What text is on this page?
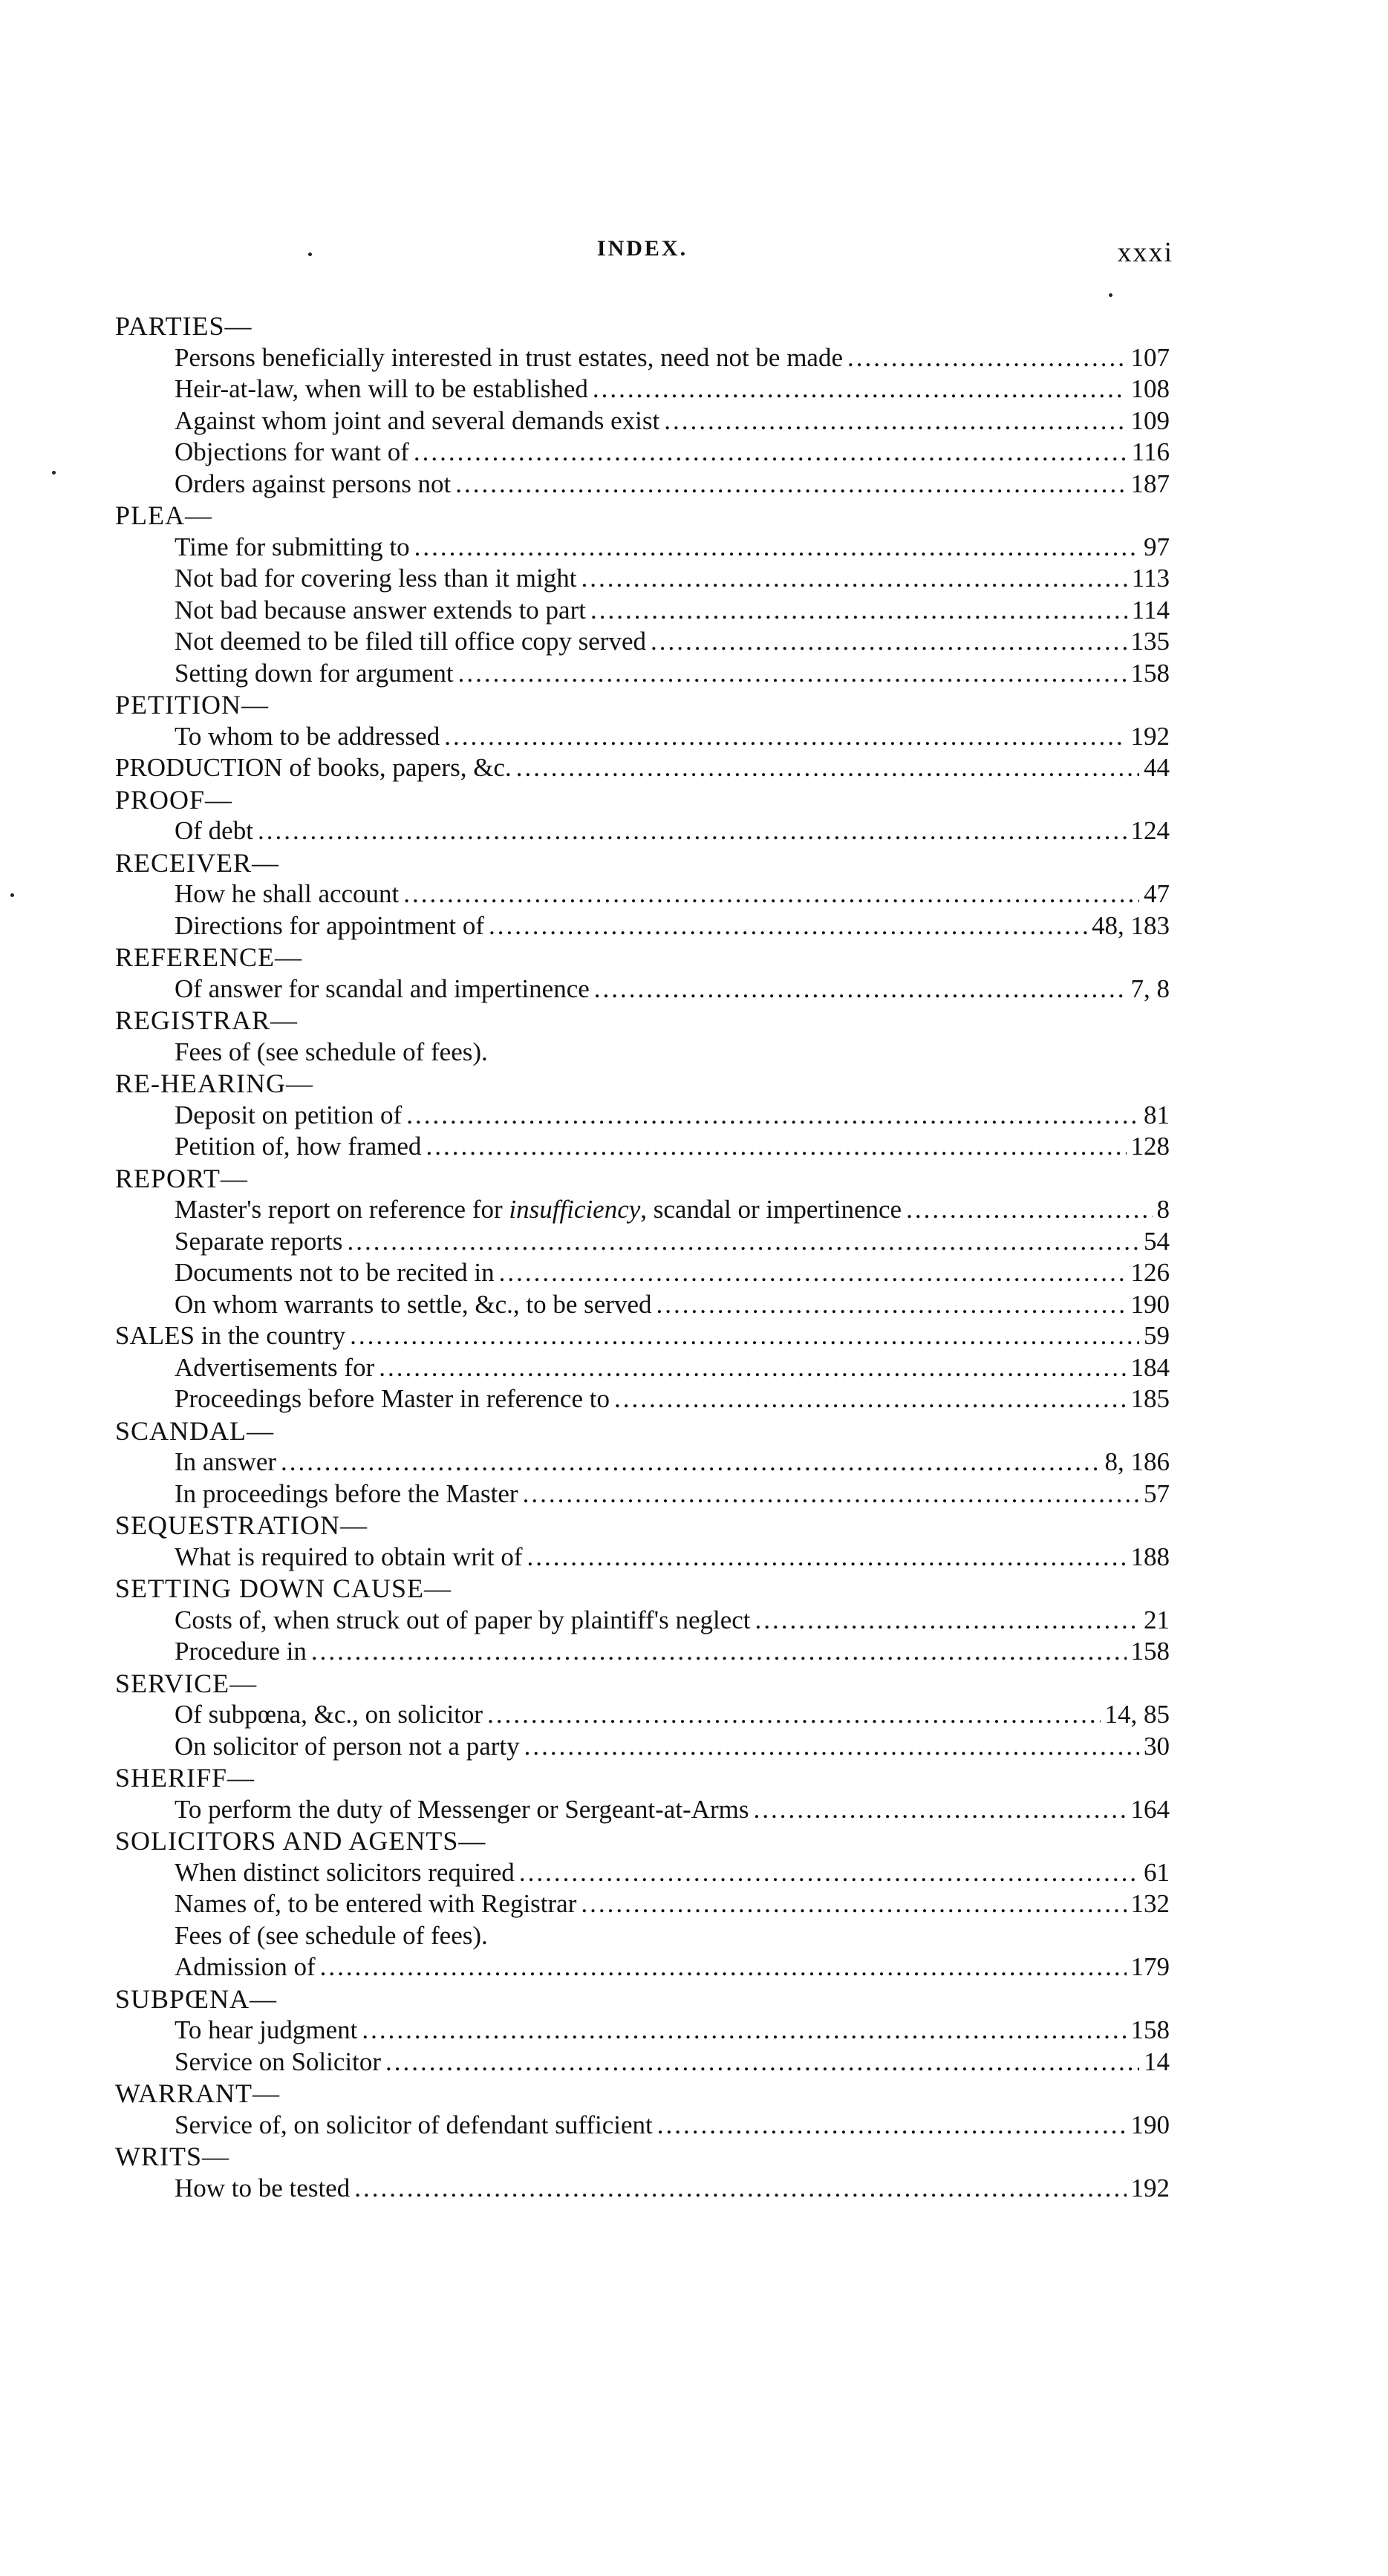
INDEX.	xxxi
PARTIES—
Persons beneficially interested in trust estates, need not be made .....	107
Heir-at-law, when will to be established .....	108
Against whom joint and several demands exist .....	109
Objections for want of .....	116
Orders against persons not .....	187
PLEA—
Time for submitting to .....	97
Not bad for covering less than it might .....	113
Not bad because answer extends to part .....	114
Not deemed to be filed till office copy served .....	135
Setting down for argument .....	158
PETITION—
To whom to be addressed .....	192
PRODUCTION of books, papers, &c. .....	44
PROOF—
Of debt .....	124
RECEIVER—
How he shall account .....	47
Directions for appointment of .....	48, 183
REFERENCE—
Of answer for scandal and impertinence .....	7, 8
REGISTRAR—
Fees of (see schedule of fees).
RE-HEARING—
Deposit on petition of .....	81
Petition of, how framed .....	128
REPORT—
Master's report on reference for insufficiency, scandal or impertinence .....	8
Separate reports .....	54
Documents not to be recited in .....	126
On whom warrants to settle, &c., to be served .....	190
SALES in the country .....	59
Advertisements for .....	184
Proceedings before Master in reference to .....	185
SCANDAL—
In answer .....	8, 186
In proceedings before the Master .....	57
SEQUESTRATION—
What is required to obtain writ of .....	188
SETTING DOWN CAUSE—
Costs of, when struck out of paper by plaintiff's neglect .....	21
Procedure in .....	158
SERVICE—
Of subpœna, &c., on solicitor .....	14, 85
On solicitor of person not a party .....	30
SHERIFF—
To perform the duty of Messenger or Sergeant-at-Arms .....	164
SOLICITORS AND AGENTS—
When distinct solicitors required .....	61
Names of, to be entered with Registrar .....	132
Fees of (see schedule of fees).
Admission of .....	179
SUBPŒNA—
To hear judgment .....	158
Service on Solicitor .....	14
WARRANT—
Service of, on solicitor of defendant sufficient .....	190
WRITS—
How to be tested .....	192
